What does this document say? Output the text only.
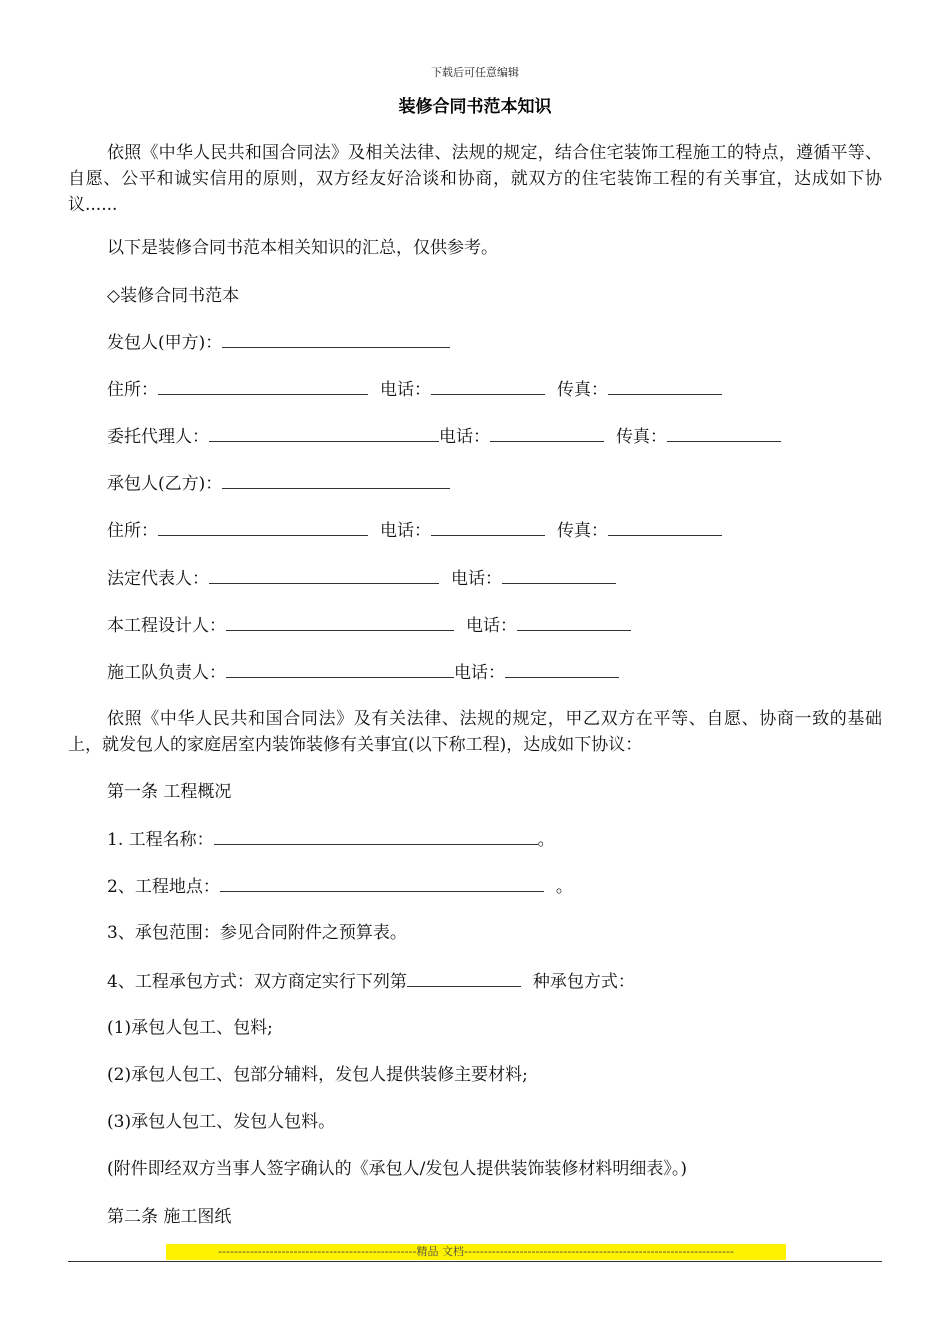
下载后可任意编辑
装修合同书范本知识

依照《中华人民共和国合同法》及相关法律、法规的规定，结合住宅装饰工程施工的特点，遵循平等、自愿、公平和诚实信用的原则，双方经友好洽谈和协商，就双方的住宅装饰工程的有关事宜，达成如下协议......

以下是装修合同书范本相关知识的汇总，仅供参考。

◇装修合同书范本

发包人(甲方)：
住所：	电话：	传真：
委托代理人：	电话：	传真：
承包人(乙方)：
住所：	电话：	传真：
法定代表人：	电话：
本工程设计人：	电话：
施工队负责人：	电话：

依照《中华人民共和国合同法》及有关法律、法规的规定，甲乙双方在平等、自愿、协商一致的基础上，就发包人的家庭居室内装饰装修有关事宜(以下称工程)，达成如下协议：

第一条 工程概况
1. 工程名称：	。
2、工程地点：	。
3、承包范围：参见合同附件之预算表。
4、工程承包方式：双方商定实行下列第	种承包方式：
(1)承包人包工、包料;
(2)承包人包工、包部分辅料，发包人提供装修主要材料;
(3)承包人包工、发包人包料。
(附件即经双方当事人签字确认的《承包人/发包人提供装饰装修材料明细表》。)
第二条 施工图纸
--------------------------------------------------精品 文档--------------------------------------------------------------------
